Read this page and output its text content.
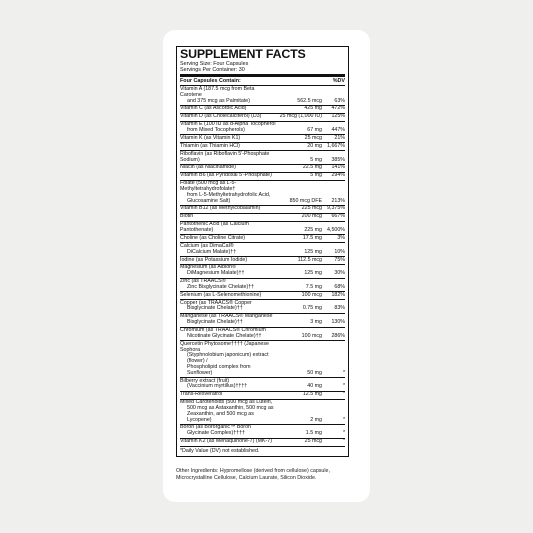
SUPPLEMENT FACTS
Serving Size: Four Capsules
Servings Per Container: 30
Four Capsules Contain:	%DV
Vitamin A (187.5 mcg from Beta Carotene
and 375 mcg as Palmitate)	562.5 mcg	63%
Vitamin C (as Ascorbic Acid)	425 mg	472%
Vitamin D (as Cholecalciferol) (D3)	25 mcg (1,000 IU)	125%
Vitamin E (100 IU as d-Alpha Tocopherol
from Mixed Tocopherols)	67 mg	447%
Vitamin K (as Vitamin K1)	25 mcg	21%
Thiamin (as Thiamin HCl)	20 mg 1,667%
Riboflavin (as Riboflavin 5'-Phosphate Sodium)	5 mg	385%
Niacin (as Niacinamide)	22.5 mg	141%
Vitamin B6 (as Pyridoxal 5'-Phosphate)	5 mg	294%
Folate (500 mcg as L-5-Methyltetrahydrofolate†
from L-5-Methyltetrahydrofolic Acid,
Glucosamine Salt)	850 mcg DFE	213%
Vitamin B12 (as Methylcobalamin)	225 mcg 9,375%
Biotin	200 mcg	667%
Pantothenic Acid (as Calcium Pantothenate)	225 mg 4,500%
Choline (as Choline Citrate)	17.5 mg	3%
Calcium (as DimaCal®
DiCalcium Malate)††	125 mg	10%
Iodine (as Potassium Iodide)	112.5 mcg	75%
Magnesium (as Albion®
DiMagnesium Malate)††	125 mg	30%
Zinc (as TRAACS®
Zinc Bisglycinate Chelate)††	7.5 mg	68%
Selenium (as L-Selenomethionine)	100 mcg	182%
Copper (as TRAACS® Copper
Bisglycinate Chelate)††	0.75 mg	83%
Manganese (as TRAACS® Manganese
Bisglycinate Chelate)††	3 mg	130%
Chromium (as TRAACS® Chromium
Nicotinate Glycinate Chelate)††	100 mcg	286%
Quercetin Phytosome†††† (Japanese Sophora
(Styphnolobium japonicum) extract (flower) /
Phospholipid complex from Sunflower)	50 mg	*
Bilberry extract (fruit)
(Vaccinium myrtillus)††††	40 mg	*
Trans-Resveratrol	12.5 mg	*
Mixed Carotenoids (500 mcg as Lutein,
500 mcg as Astaxanthin, 500 mcg as
Zeaxanthin, and 500 mcg as Lycopene)	2 mg	*
Boron (as Bororganic™ Boron
Glycinate Complex)††††	1.5 mg	*
Vitamin K2 (as Menaquinone-7) (MK-7)	25 mcg	*
*Daily Value (DV) not established.
Other Ingredients: Hypromellose (derived from cellulose) capsule, Microcrystalline Cellulose, Calcium Laurate, Silicon Dioxide.
